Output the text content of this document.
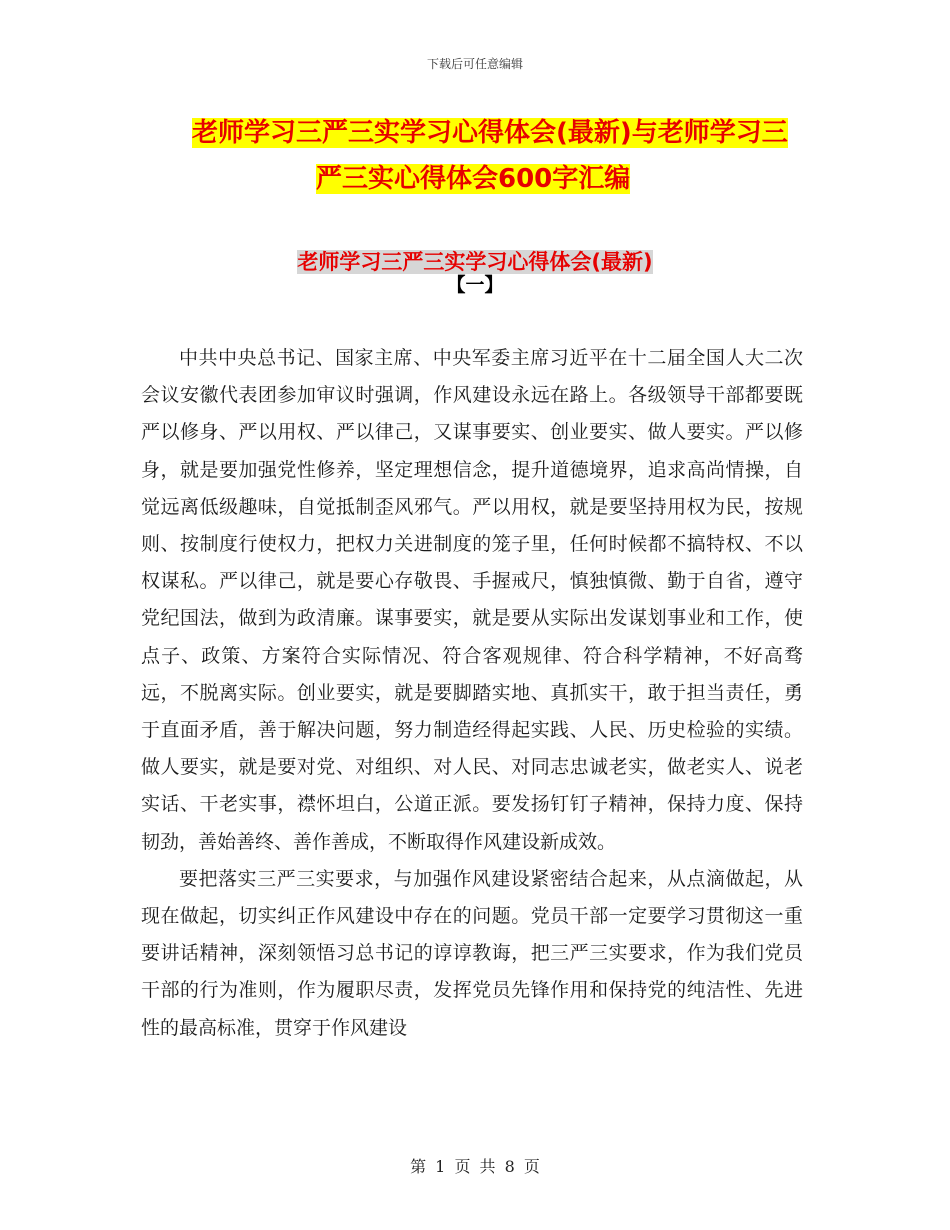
下载后可任意编辑
老师学习三严三实学习心得体会(最新)与老师学习三
严三实心得体会600字汇编
老师学习三严三实学习心得体会(最新)
【一】

中共中央总书记、国家主席、中央军委主席习近平在十二届全国人大二次会议安徽代表团参加审议时强调，作风建设永远在路上。各级领导干部都要既严以修身、严以用权、严以律己，又谋事要实、创业要实、做人要实。严以修身，就是要加强党性修养，坚定理想信念，提升道德境界，追求高尚情操，自觉远离低级趣味，自觉抵制歪风邪气。严以用权，就是要坚持用权为民，按规则、按制度行使权力，把权力关进制度的笼子里，任何时候都不搞特权、不以权谋私。严以律己，就是要心存敬畏、手握戒尺，慎独慎微、勤于自省，遵守党纪国法，做到为政清廉。谋事要实，就是要从实际出发谋划事业和工作，使点子、政策、方案符合实际情况、符合客观规律、符合科学精神，不好高骛远，不脱离实际。创业要实，就是要脚踏实地、真抓实干，敢于担当责任，勇于直面矛盾，善于解决问题，努力制造经得起实践、人民、历史检验的实绩。做人要实，就是要对党、对组织、对人民、对同志忠诚老实，做老实人、说老实话、干老实事，襟怀坦白，公道正派。要发扬钉钉子精神，保持力度、保持韧劲，善始善终、善作善成，不断取得作风建设新成效。

要把落实三严三实要求，与加强作风建设紧密结合起来，从点滴做起，从现在做起，切实纠正作风建设中存在的问题。党员干部一定要学习贯彻这一重要讲话精神，深刻领悟习总书记的谆谆教诲，把三严三实要求，作为我们党员干部的行为准则，作为履职尽责，发挥党员先锋作用和保持党的纯洁性、先进性的最高标准，贯穿于作风建设

第 1 页 共 8 页
